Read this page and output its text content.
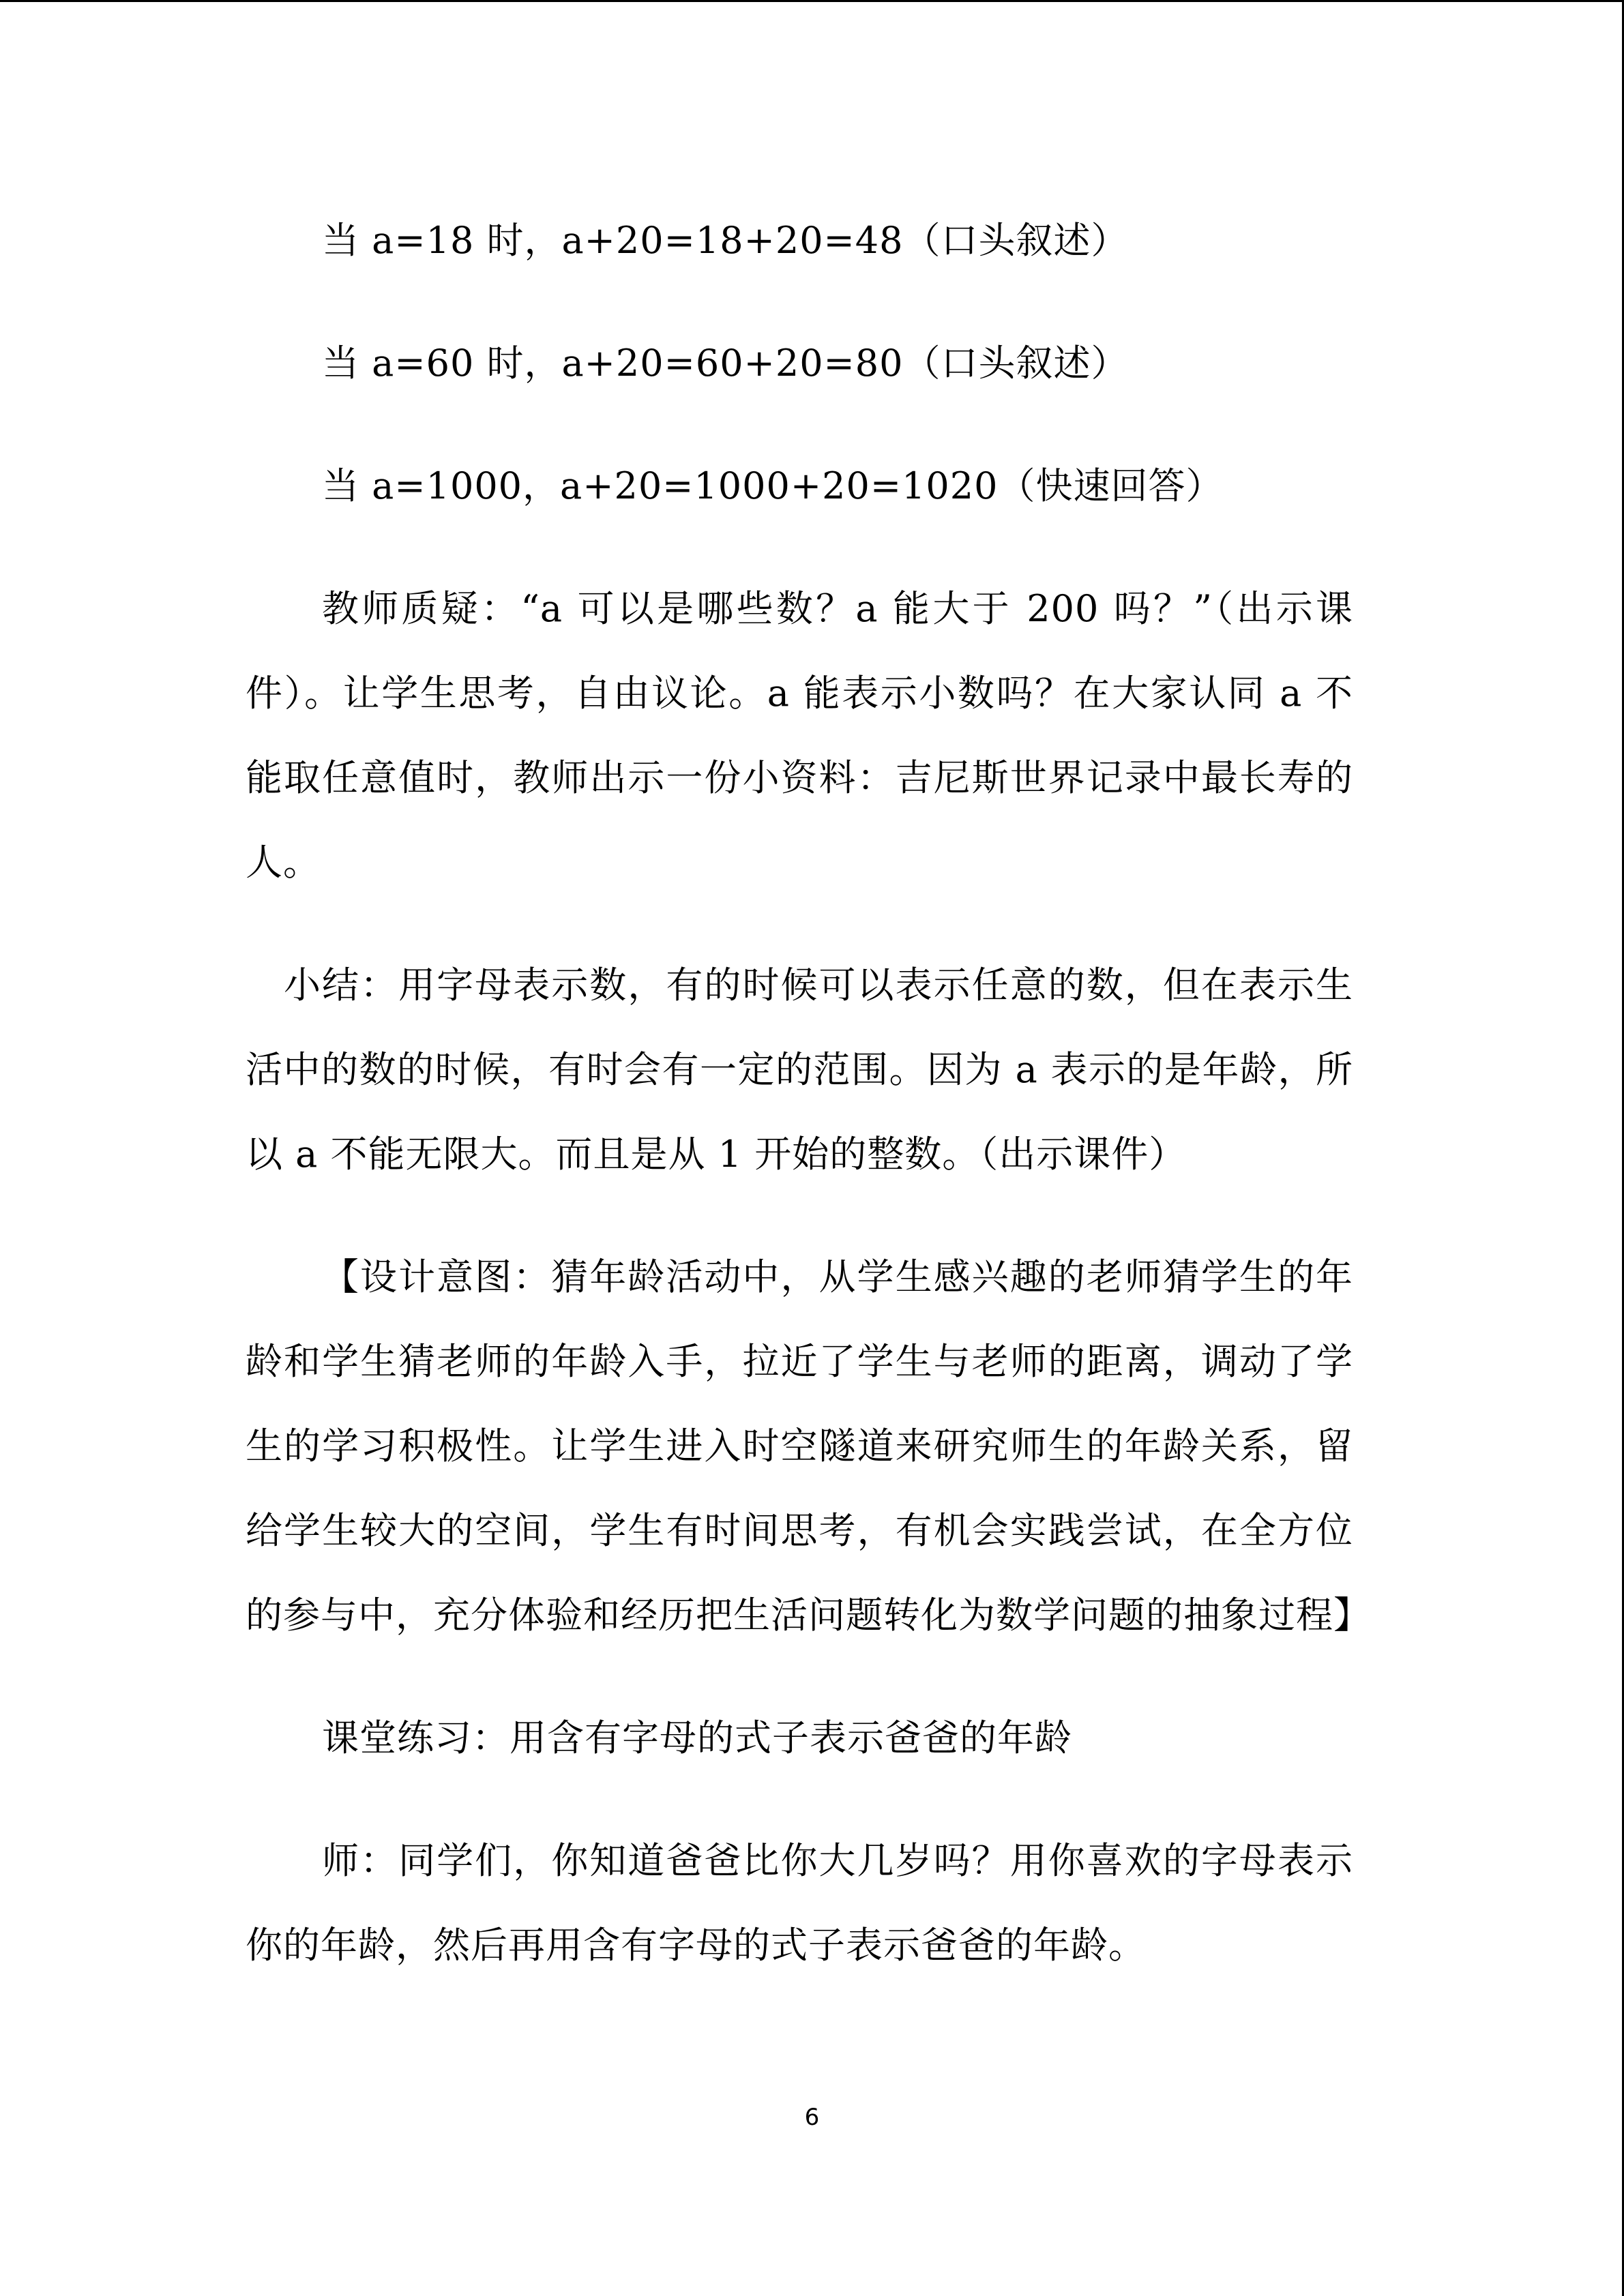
当 a=18 时，a+20=18+20=48（口头叙述）

当 a=60 时，a+20=60+20=80（口头叙述）

当 a=1000，a+20=1000+20=1020（快速回答）

教师质疑：“a 可以是哪些数？a 能大于 200 吗？”（出示课件）。让学生思考，自由议论。a 能表示小数吗？在大家认同 a 不能取任意值时，教师出示一份小资料：吉尼斯世界记录中最长寿的人。

小结：用字母表示数，有的时候可以表示任意的数，但在表示生活中的数的时候，有时会有一定的范围。因为 a 表示的是年龄，所以 a 不能无限大。而且是从 1 开始的整数。（出示课件）

【设计意图：猜年龄活动中，从学生感兴趣的老师猜学生的年龄和学生猜老师的年龄入手，拉近了学生与老师的距离，调动了学生的学习积极性。让学生进入时空隧道来研究师生的年龄关系，留给学生较大的空间，学生有时间思考，有机会实践尝试，在全方位的参与中，充分体验和经历把生活问题转化为数学问题的抽象过程】

课堂练习：用含有字母的式子表示爸爸的年龄

师：同学们，你知道爸爸比你大几岁吗？用你喜欢的字母表示你的年龄，然后再用含有字母的式子表示爸爸的年龄。

6
